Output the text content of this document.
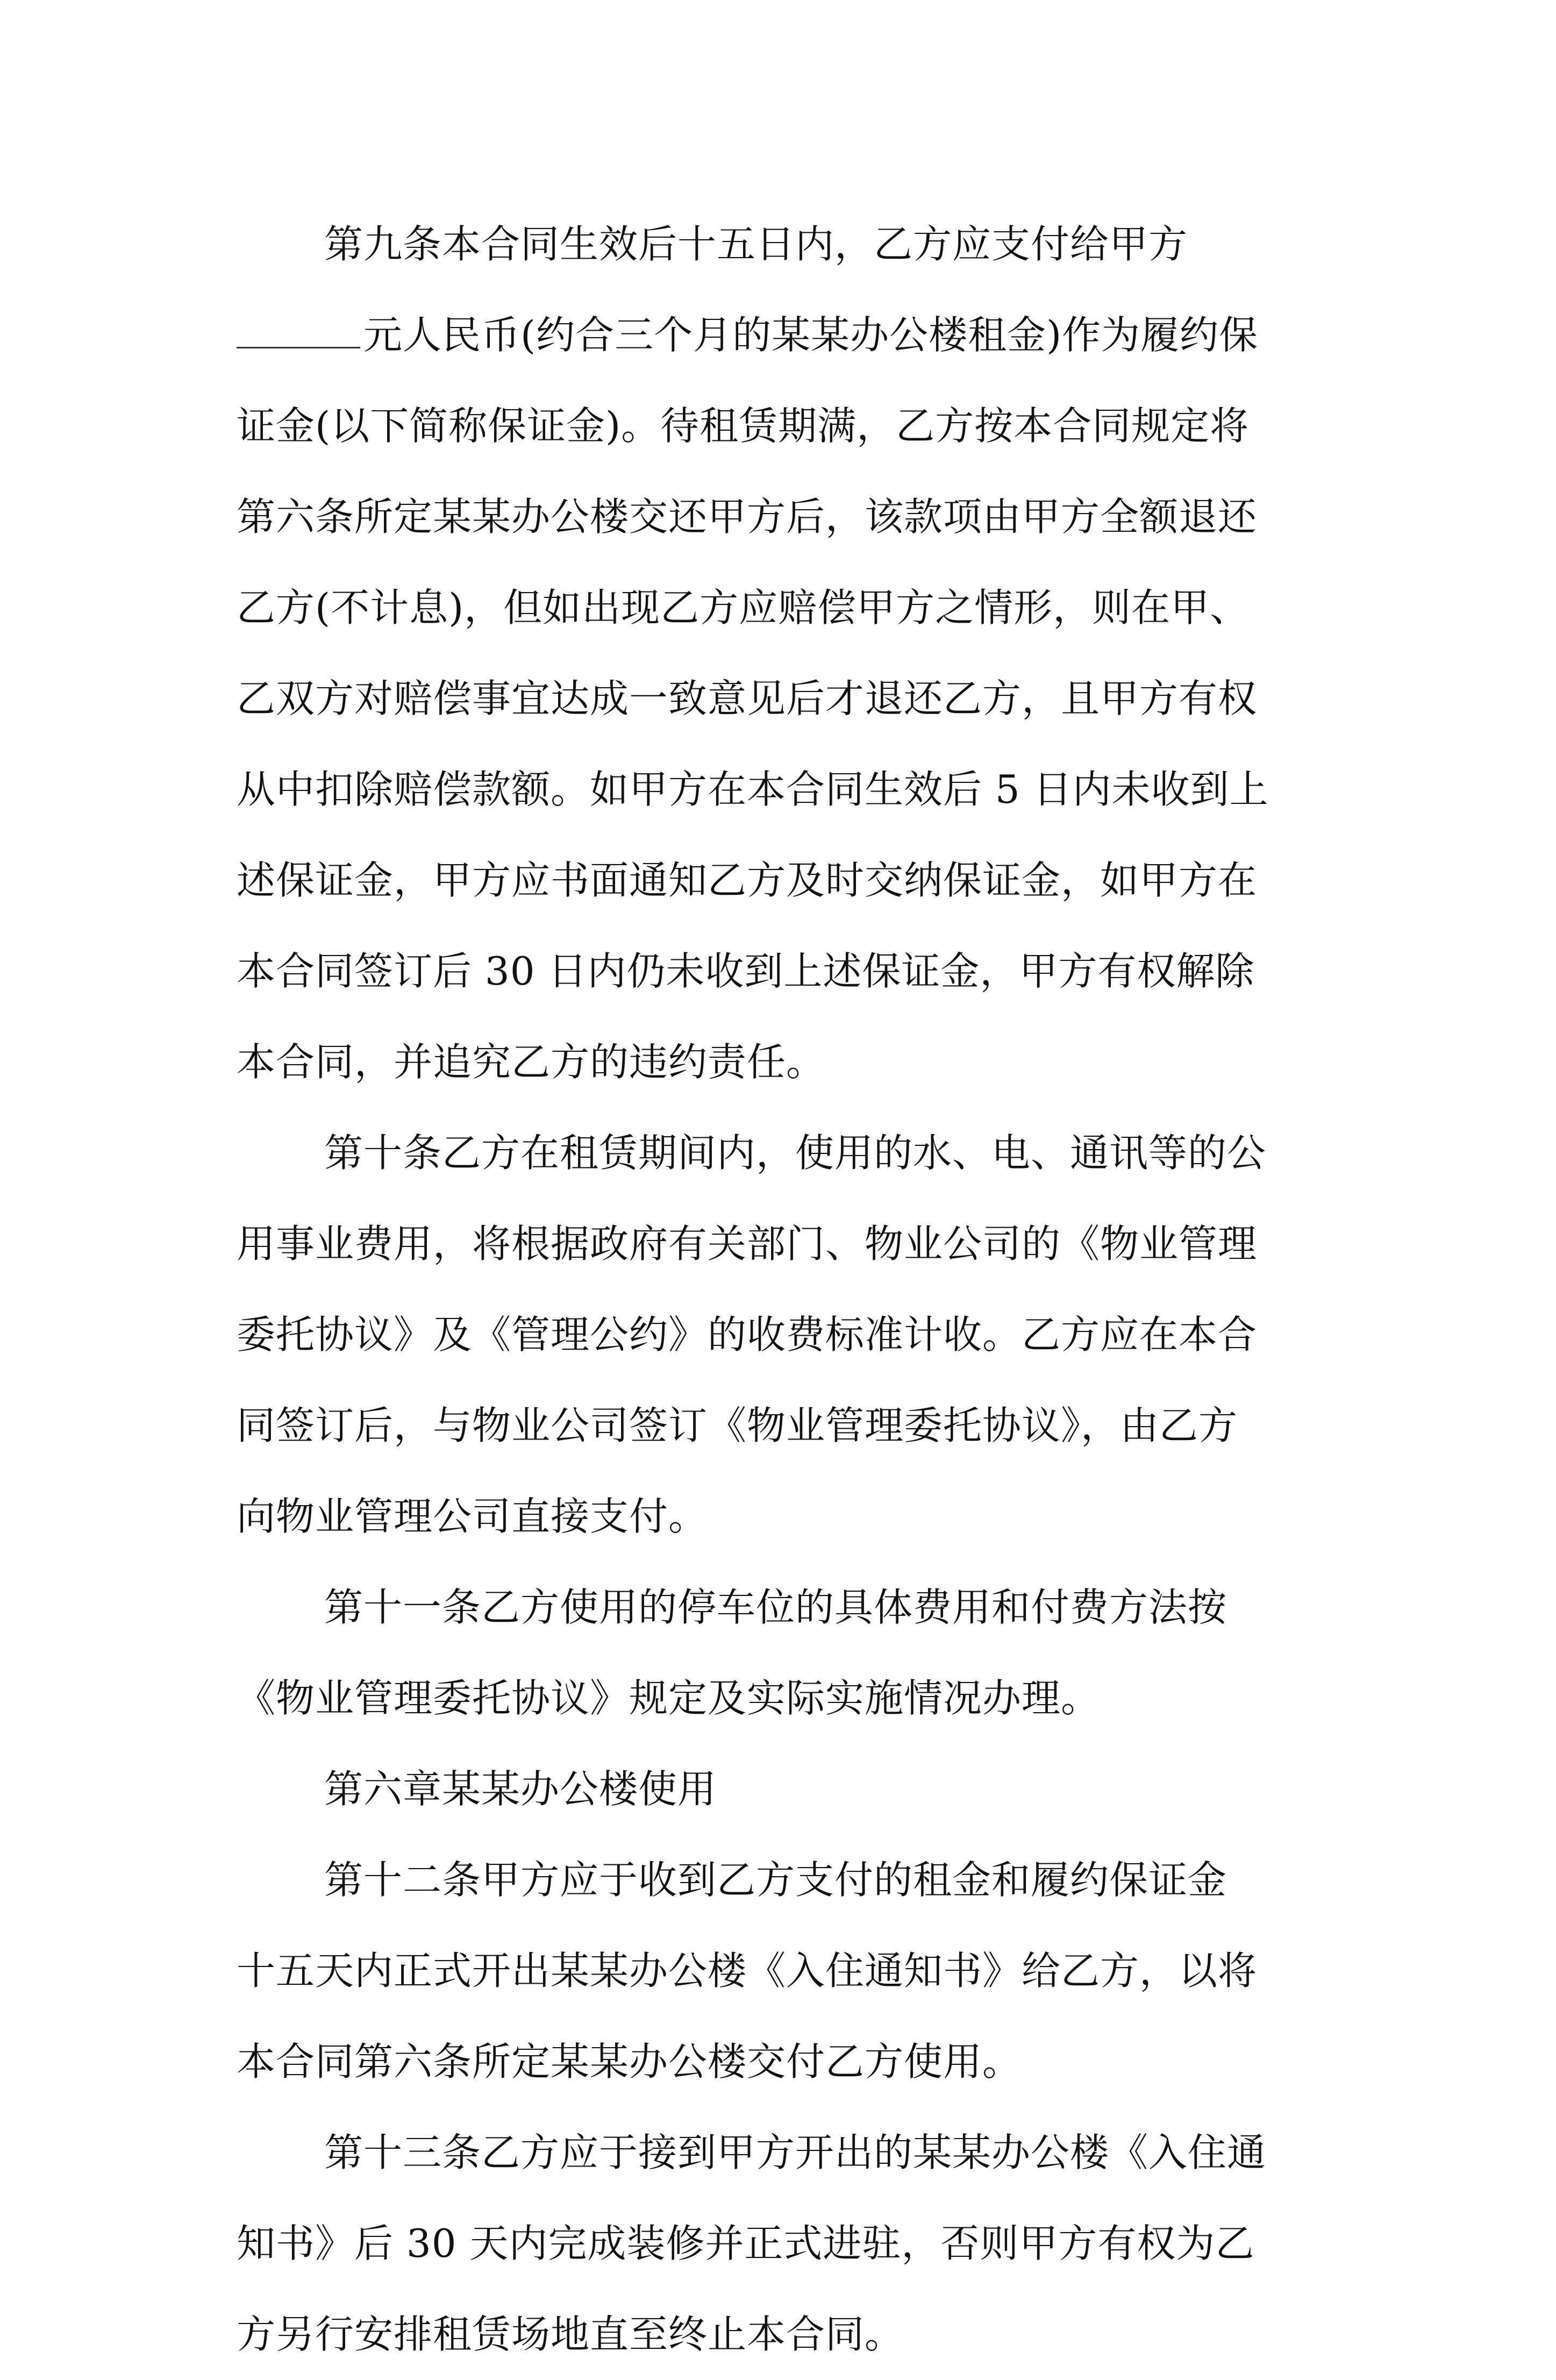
第九条本合同生效后十五日内，乙方应支付给甲方
元人民币(约合三个月的某某办公楼租金)作为履约保
证金(以下简称保证金)。待租赁期满，乙方按本合同规定将
第六条所定某某办公楼交还甲方后，该款项由甲方全额退还
乙方(不计息)，但如出现乙方应赔偿甲方之情形，则在甲、
乙双方对赔偿事宜达成一致意见后才退还乙方，且甲方有权
从中扣除赔偿款额。如甲方在本合同生效后 5 日内未收到上
述保证金，甲方应书面通知乙方及时交纳保证金，如甲方在
本合同签订后 30 日内仍未收到上述保证金，甲方有权解除
本合同，并追究乙方的违约责任。

第十条乙方在租赁期间内，使用的水、电、通讯等的公
用事业费用，将根据政府有关部门、物业公司的《物业管理
委托协议》及《管理公约》的收费标准计收。乙方应在本合
同签订后，与物业公司签订《物业管理委托协议》，由乙方
向物业管理公司直接支付。

第十一条乙方使用的停车位的具体费用和付费方法按
《物业管理委托协议》规定及实际实施情况办理。

第六章某某办公楼使用

第十二条甲方应于收到乙方支付的租金和履约保证金
十五天内正式开出某某办公楼《入住通知书》给乙方，以将
本合同第六条所定某某办公楼交付乙方使用。

第十三条乙方应于接到甲方开出的某某办公楼《入住通
知书》后 30 天内完成装修并正式进驻，否则甲方有权为乙
方另行安排租赁场地直至终止本合同。
